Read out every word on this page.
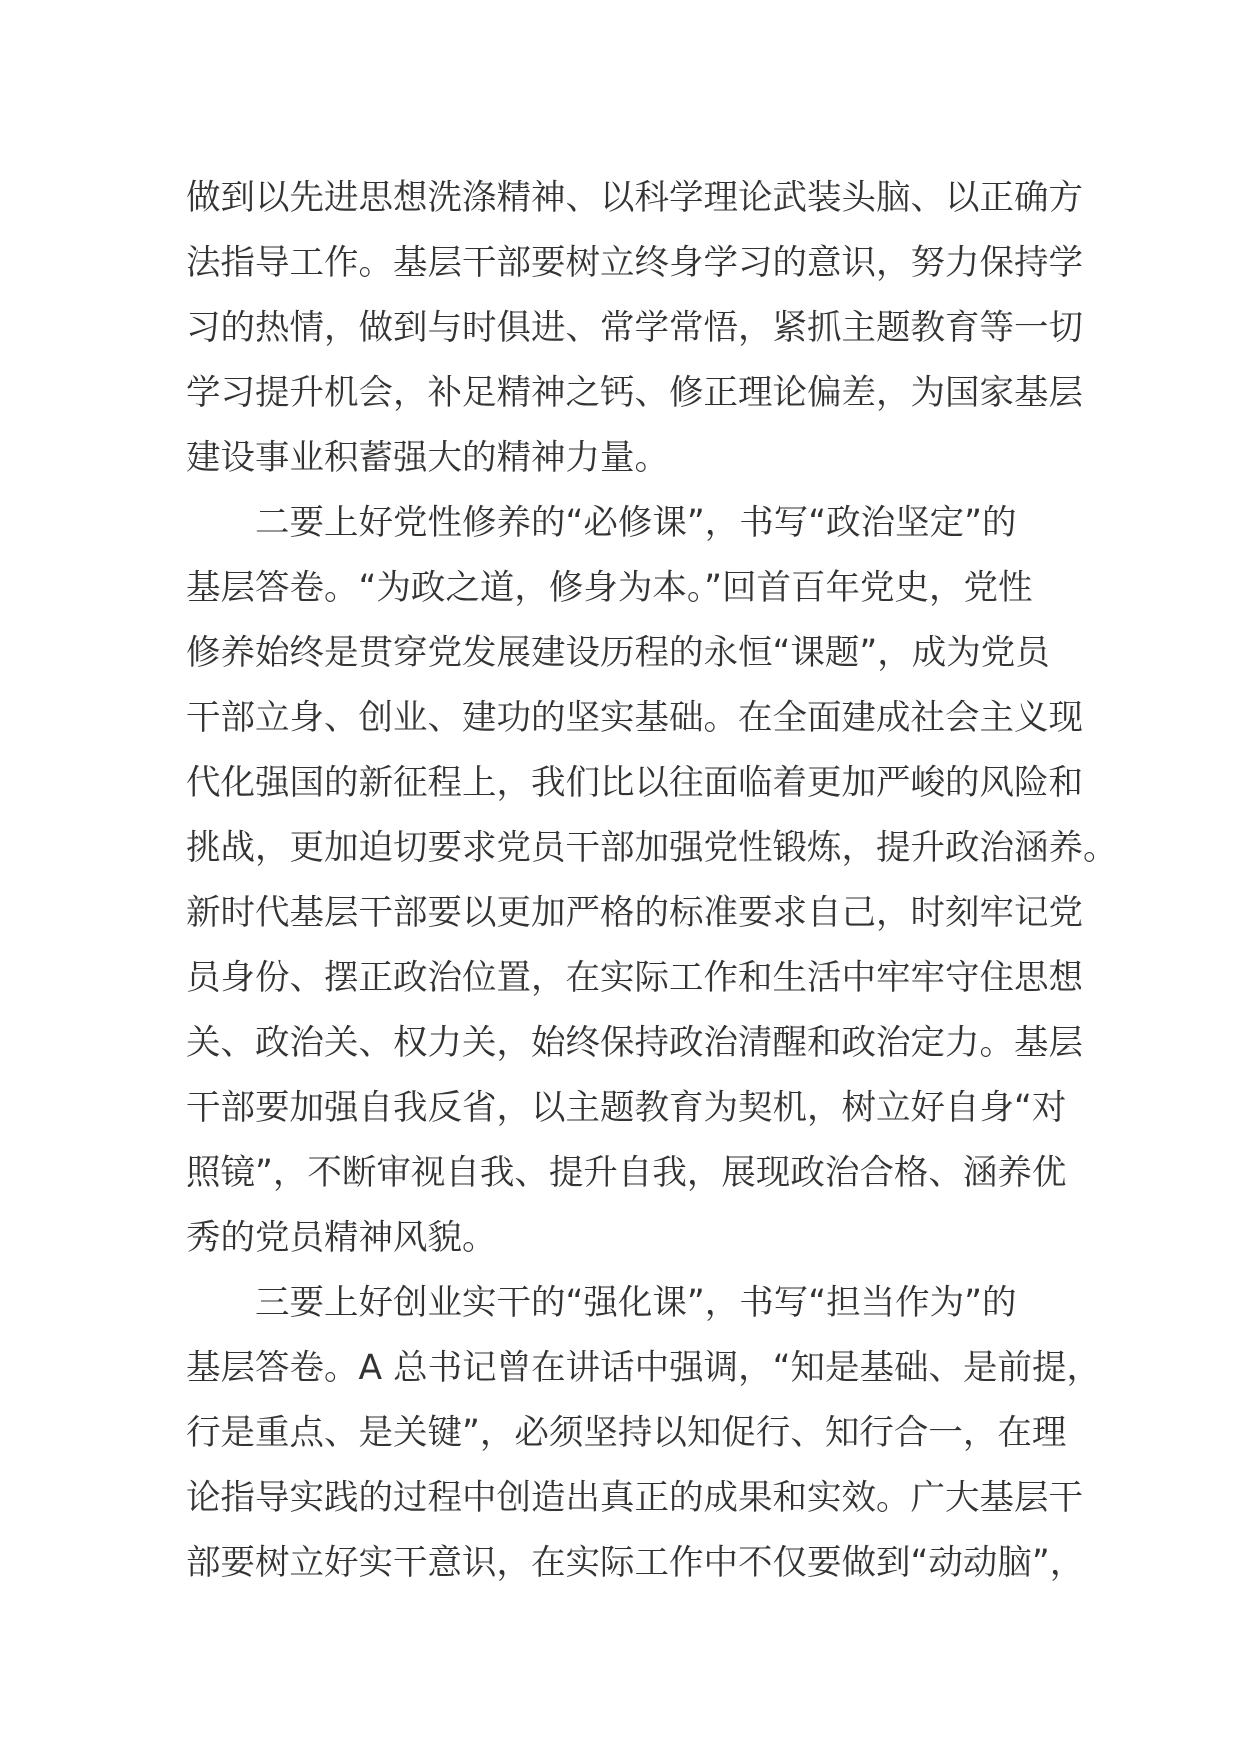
做到以先进思想洗涤精神、以科学理论武装头脑、以正确方
法指导工作。基层干部要树立终身学习的意识，努力保持学
习的热情，做到与时俱进、常学常悟，紧抓主题教育等一切
学习提升机会，补足精神之钙、修正理论偏差，为国家基层
建设事业积蓄强大的精神力量。
二要上好党性修养的“必修课”，书写“政治坚定”的
基层答卷。“为政之道，修身为本。”回首百年党史，党性
修养始终是贯穿党发展建设历程的永恒“课题”，成为党员
干部立身、创业、建功的坚实基础。在全面建成社会主义现
代化强国的新征程上，我们比以往面临着更加严峻的风险和
挑战，更加迫切要求党员干部加强党性锻炼，提升政治涵养。
新时代基层干部要以更加严格的标准要求自己，时刻牢记党
员身份、摆正政治位置，在实际工作和生活中牢牢守住思想
关、政治关、权力关，始终保持政治清醒和政治定力。基层
干部要加强自我反省，以主题教育为契机，树立好自身“对
照镜”，不断审视自我、提升自我，展现政治合格、涵养优
秀的党员精神风貌。
三要上好创业实干的“强化课”，书写“担当作为”的
基层答卷。A 总书记曾在讲话中强调，“知是基础、是前提，
行是重点、是关键”，必须坚持以知促行、知行合一，在理
论指导实践的过程中创造出真正的成果和实效。广大基层干
部要树立好实干意识，在实际工作中不仅要做到“动动脑”，
